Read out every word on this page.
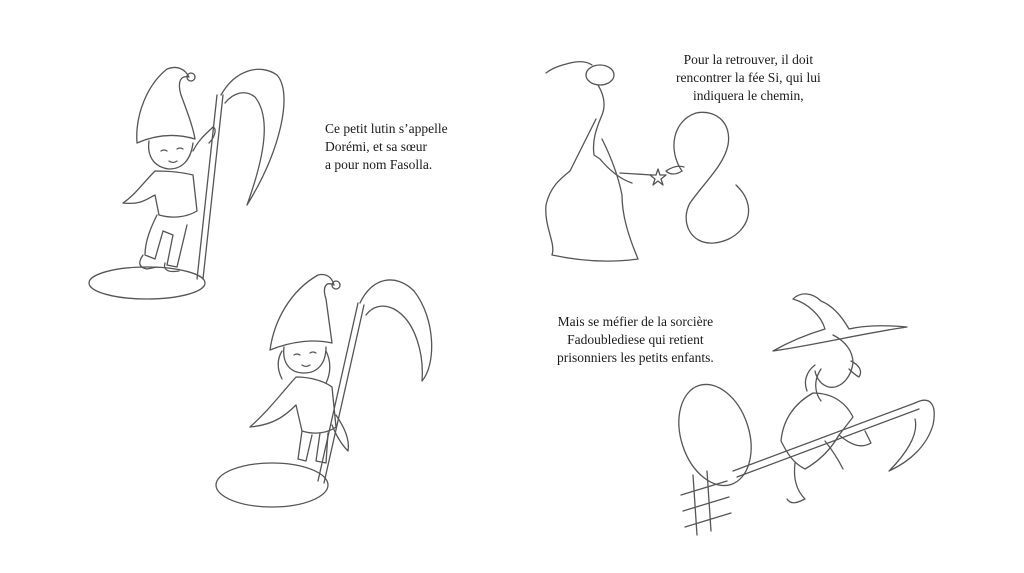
Ce petit lutin s’appelle
Dorémi, et sa sœur
a pour nom Fasolla.
Pour la retrouver, il doit
rencontrer la fée Si, qui lui
indiquera le chemin,
Mais se méfier de la sorcière
Fadoublediese qui retient
prisonniers les petits enfants.
